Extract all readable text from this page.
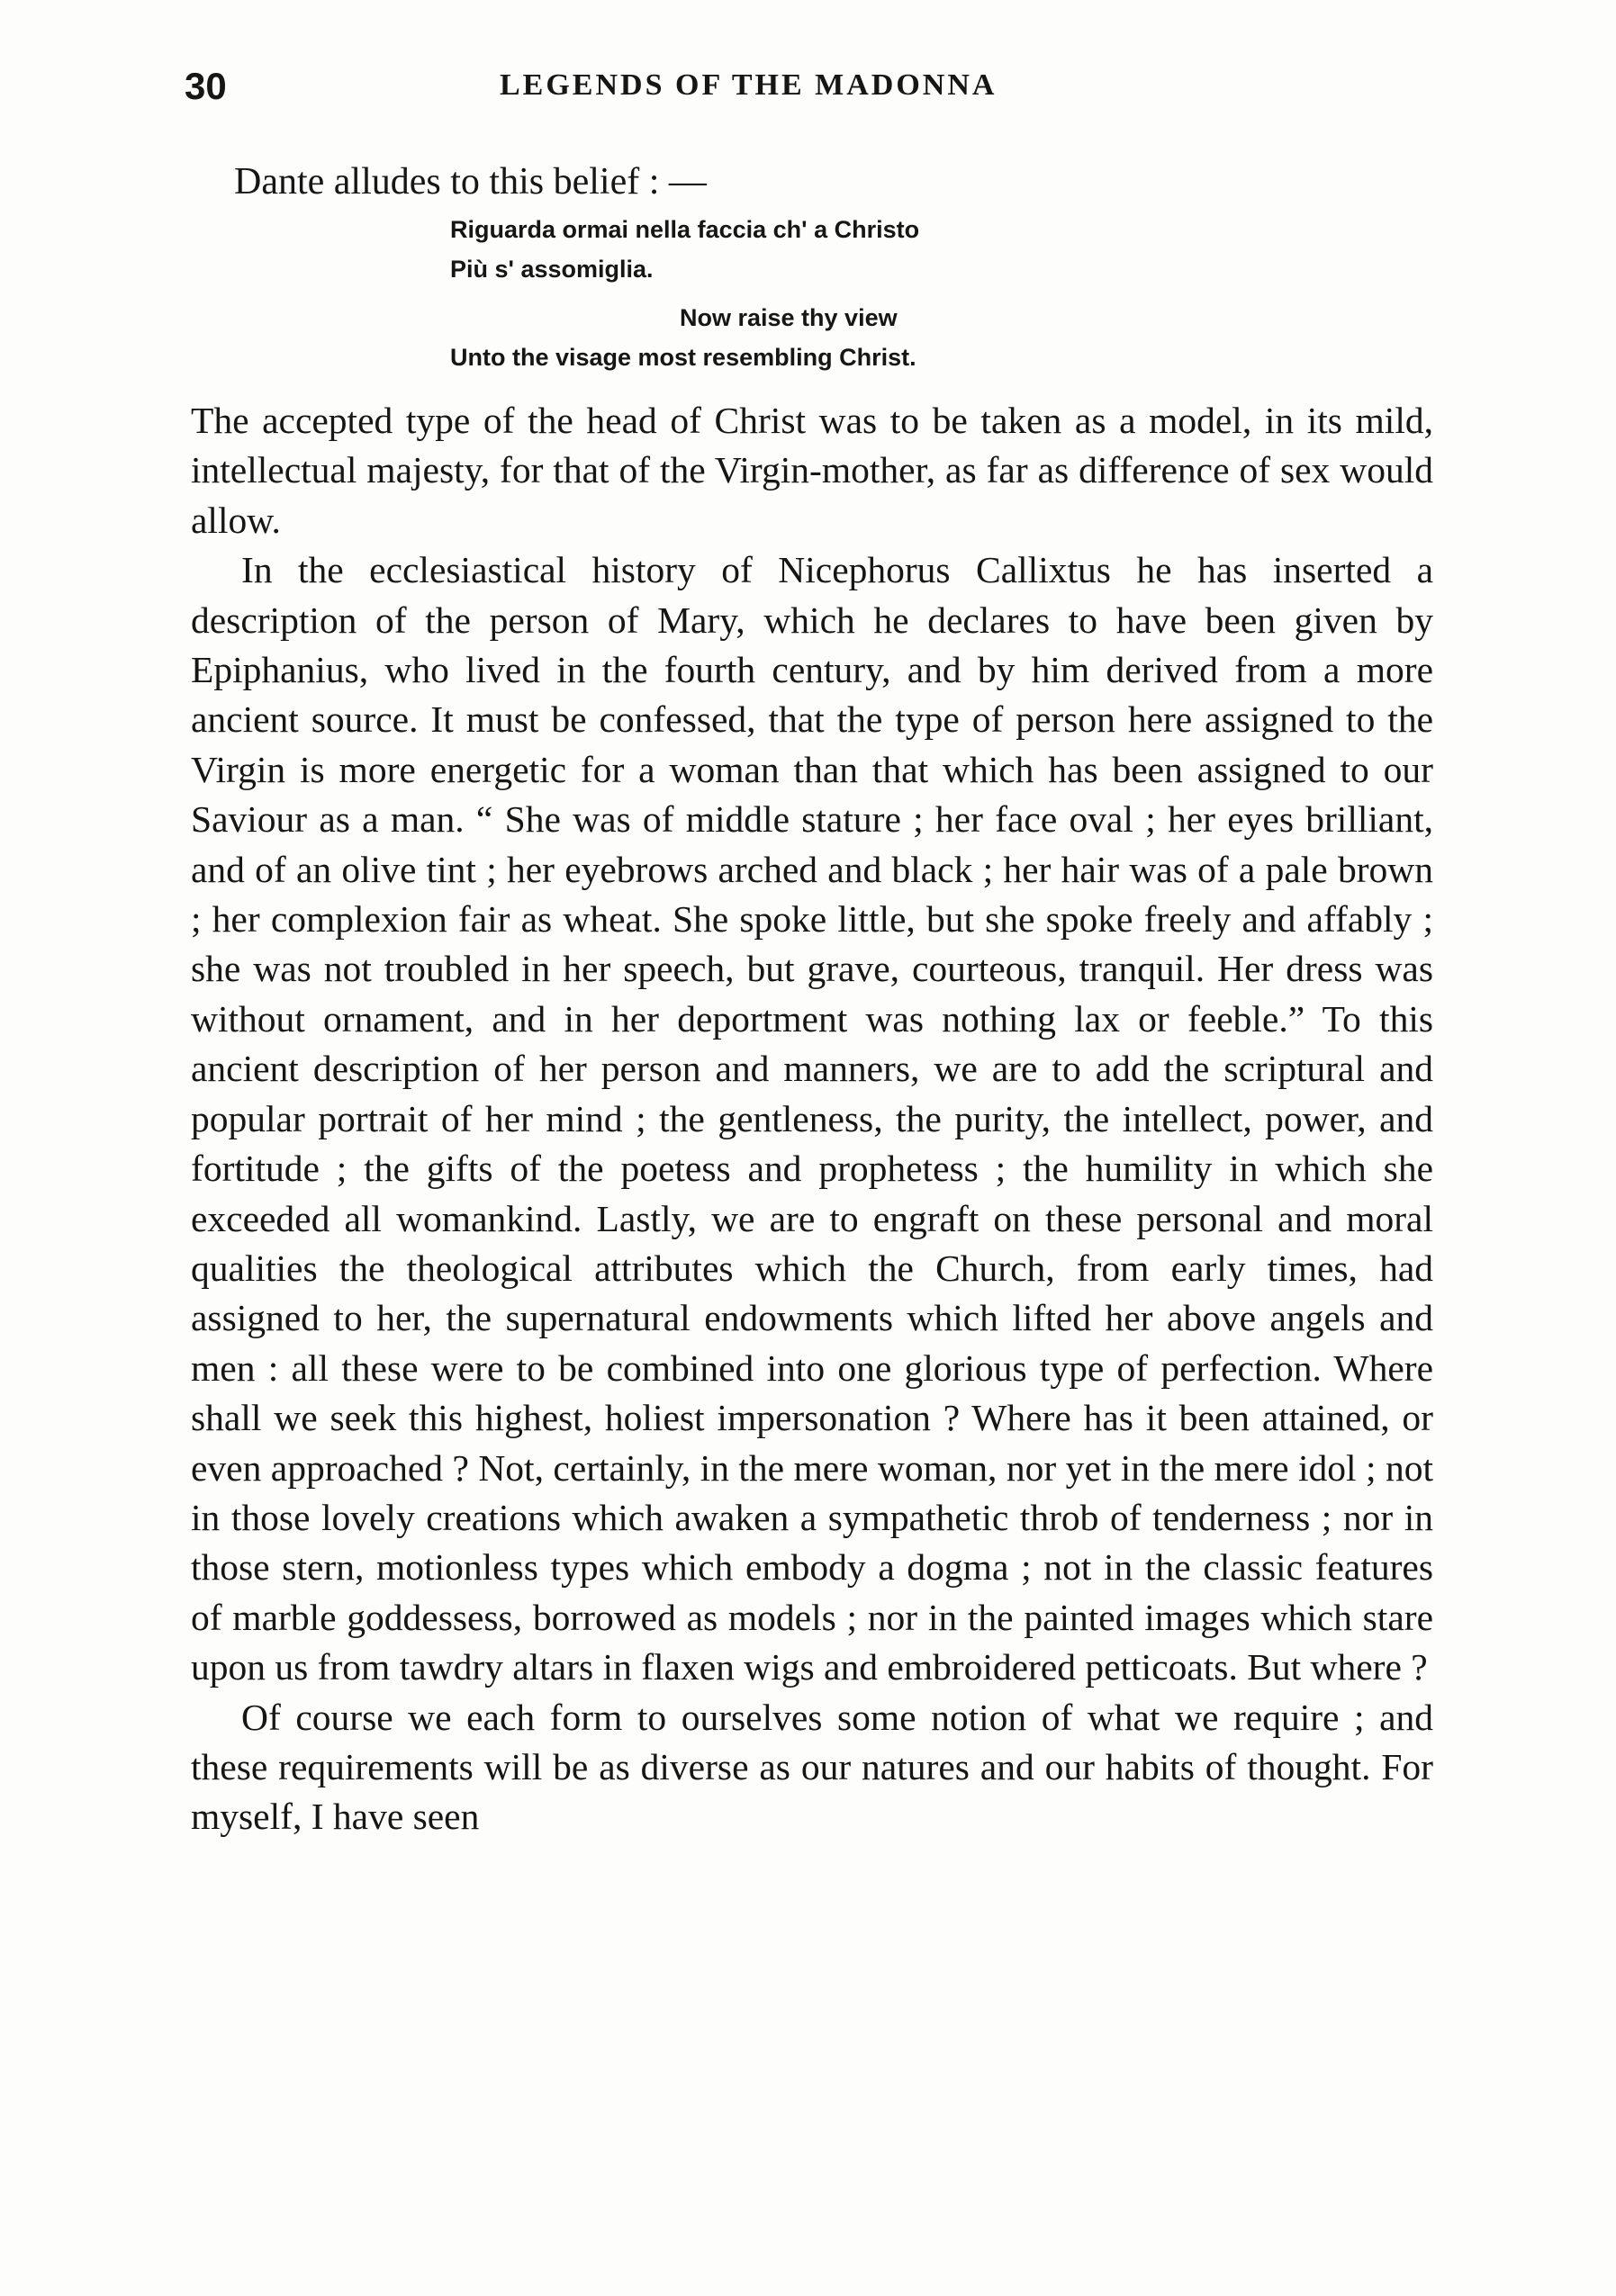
30	LEGENDS OF THE MADONNA

Dante alludes to this belief : —

Riguarda ormai nella faccia ch' a Christo
Più s' assomiglia.
Now raise thy view
Unto the visage most resembling Christ.

The accepted type of the head of Christ was to be taken as a model, in its mild, intellectual majesty, for that of the Virgin-mother, as far as difference of sex would allow.

In the ecclesiastical history of Nicephorus Callixtus he has inserted a description of the person of Mary, which he declares to have been given by Epiphanius, who lived in the fourth century, and by him derived from a more ancient source. It must be confessed, that the type of person here assigned to the Virgin is more energetic for a woman than that which has been assigned to our Saviour as a man. “ She was of middle stature ; her face oval ; her eyes brilliant, and of an olive tint ; her eyebrows arched and black ; her hair was of a pale brown ; her complexion fair as wheat. She spoke little, but she spoke freely and affably ; she was not troubled in her speech, but grave, courteous, tranquil. Her dress was without ornament, and in her deportment was nothing lax or feeble.” To this ancient description of her person and manners, we are to add the scriptural and popular portrait of her mind ; the gentleness, the purity, the intellect, power, and fortitude ; the gifts of the poetess and prophetess ; the humility in which she exceeded all womankind. Lastly, we are to engraft on these personal and moral qualities the theological attributes which the Church, from early times, had assigned to her, the supernatural endowments which lifted her above angels and men : all these were to be combined into one glorious type of perfection. Where shall we seek this highest, holiest impersonation ? Where has it been attained, or even approached ? Not, certainly, in the mere woman, nor yet in the mere idol ; not in those lovely creations which awaken a sympathetic throb of tenderness ; nor in those stern, motionless types which embody a dogma ; not in the classic features of marble goddessess, borrowed as models ; nor in the painted images which stare upon us from tawdry altars in flaxen wigs and embroidered petticoats. But where ?

Of course we each form to ourselves some notion of what we require ; and these requirements will be as diverse as our natures and our habits of thought. For myself, I have seen
